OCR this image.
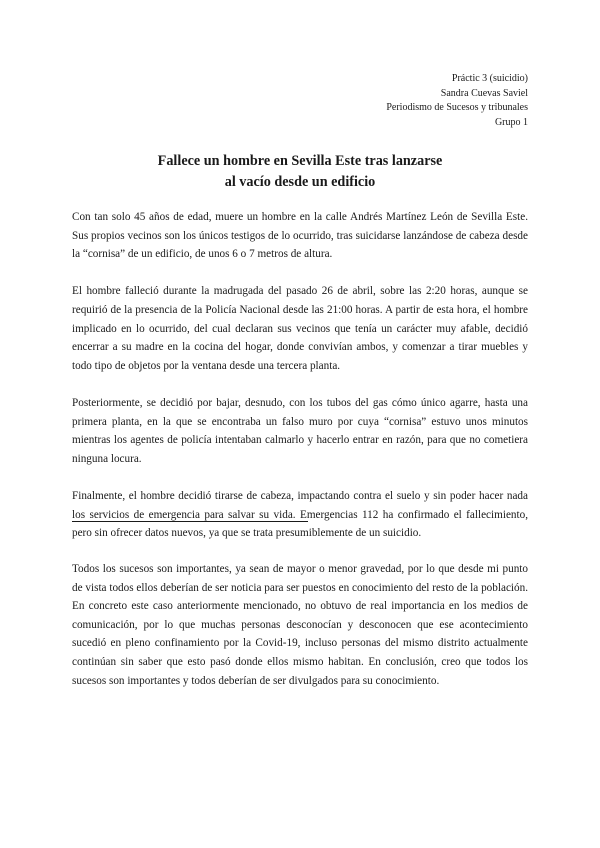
Práctic 3 (suicidio)
Sandra Cuevas Saviel
Periodismo de Sucesos y tribunales
Grupo 1
Fallece un hombre en Sevilla Este tras lanzarse
al vacío desde un edificio

Con tan solo 45 años de edad, muere un hombre en la calle Andrés Martínez León de Sevilla Este. Sus propios vecinos son los únicos testigos de lo ocurrido, tras suicidarse lanzándose de cabeza desde la “cornisa” de un edificio, de unos 6 o 7 metros de altura.

El hombre falleció durante la madrugada del pasado 26 de abril, sobre las 2:20 horas, aunque se requirió de la presencia de la Policía Nacional desde las 21:00 horas. A partir de esta hora, el hombre implicado en lo ocurrido, del cual declaran sus vecinos que tenía un carácter muy afable, decidió encerrar a su madre en la cocina del hogar, donde convivían ambos, y comenzar a tirar muebles y todo tipo de objetos por la ventana desde una tercera planta.

Posteriormente, se decidió por bajar, desnudo, con los tubos del gas cómo único agarre, hasta una primera planta, en la que se encontraba un falso muro por cuya “cornisa” estuvo unos minutos mientras los agentes de policía intentaban calmarlo y hacerlo entrar en razón, para que no cometiera ninguna locura.

Finalmente, el hombre decidió tirarse de cabeza, impactando contra el suelo y sin poder hacer nada los servicios de emergencia para salvar su vida. Emergencias 112 ha confirmado el fallecimiento, pero sin ofrecer datos nuevos, ya que se trata presumiblemente de un suicidio.

Todos los sucesos son importantes, ya sean de mayor o menor gravedad, por lo que desde mi punto de vista todos ellos deberían de ser noticia para ser puestos en conocimiento del resto de la población. En concreto este caso anteriormente mencionado, no obtuvo de real importancia en los medios de comunicación, por lo que muchas personas desconocían y desconocen que ese acontecimiento sucedió en pleno confinamiento por la Covid-19, incluso personas del mismo distrito actualmente continúan sin saber que esto pasó donde ellos mismo habitan. En conclusión, creo que todos los sucesos son importantes y todos deberían de ser divulgados para su conocimiento.
